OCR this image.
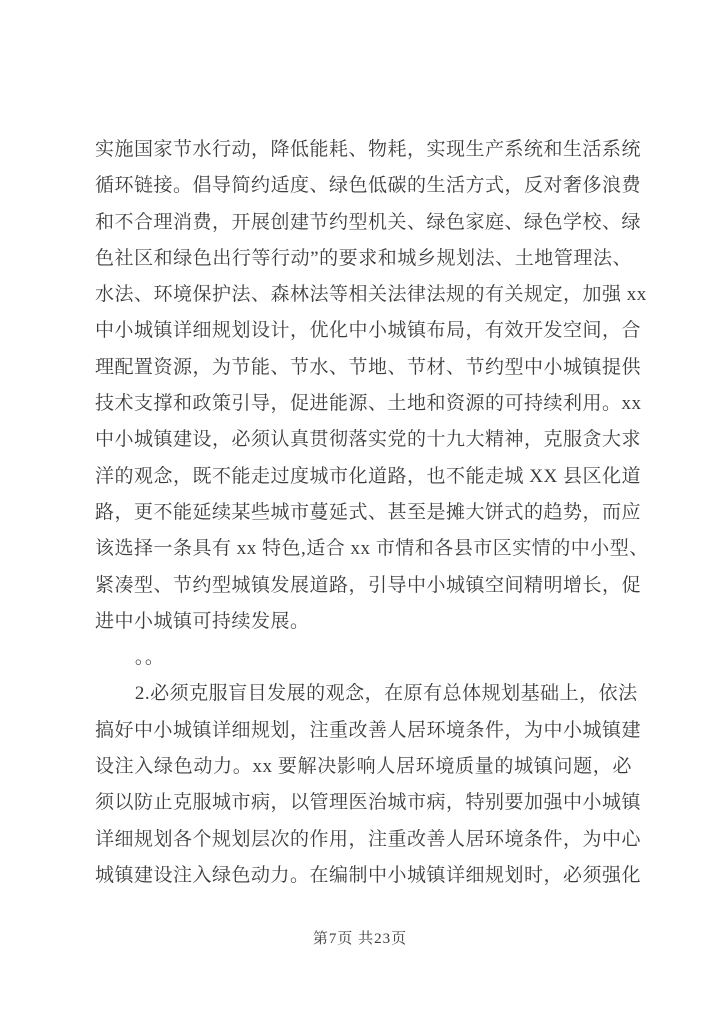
实施国家节水行动，降低能耗、物耗，实现生产系统和生活系统
循环链接。倡导简约适度、绿色低碳的生活方式，反对奢侈浪费
和不合理消费，开展创建节约型机关、绿色家庭、绿色学校、绿
色社区和绿色出行等行动”的要求和城乡规划法、土地管理法、
水法、环境保护法、森林法等相关法律法规的有关规定，加强 xx
中小城镇详细规划设计，优化中小城镇布局，有效开发空间，合
理配置资源，为节能、节水、节地、节材、节约型中小城镇提供
技术支撑和政策引导，促进能源、土地和资源的可持续利用。xx
中小城镇建设，必须认真贯彻落实党的十九大精神，克服贪大求
洋的观念，既不能走过度城市化道路，也不能走城 XX 县区化道
路，更不能延续某些城市蔓延式、甚至是摊大饼式的趋势，而应
该选择一条具有 xx 特色,适合 xx 市情和各县市区实情的中小型、
紧凑型、节约型城镇发展道路，引导中小城镇空间精明增长，促
进中小城镇可持续发展。
。。
2.必须克服盲目发展的观念，在原有总体规划基础上，依法
搞好中小城镇详细规划，注重改善人居环境条件，为中小城镇建
设注入绿色动力。xx 要解决影响人居环境质量的城镇问题，必
须以防止克服城市病，以管理医治城市病，特别要加强中小城镇
详细规划各个规划层次的作用，注重改善人居环境条件，为中心
城镇建设注入绿色动力。在编制中小城镇详细规划时，必须强化
第7页 共23页
